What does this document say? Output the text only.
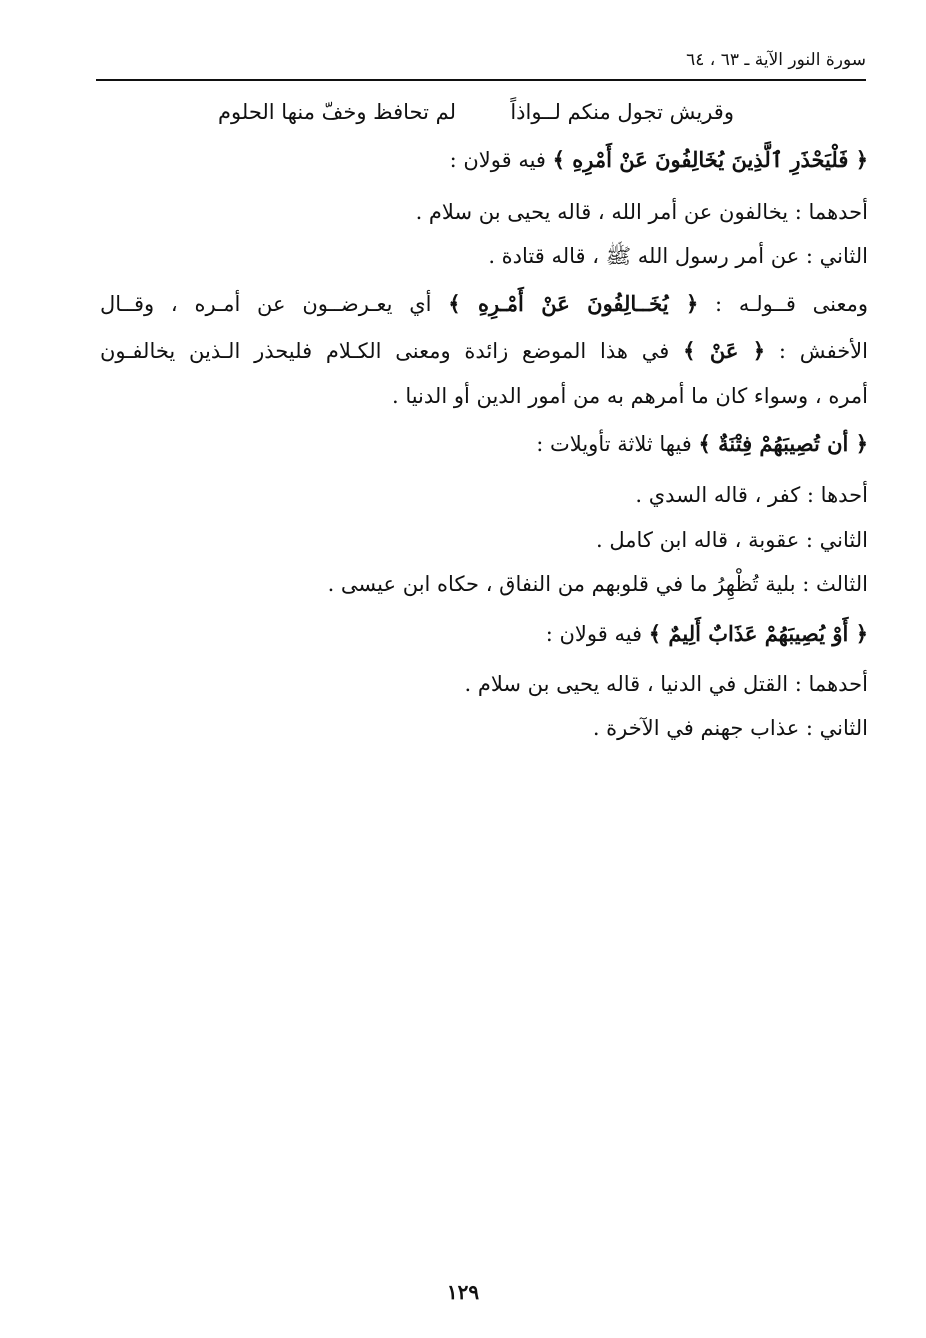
سورة النور الآية ـ ٦٣ ، ٦٤
وقريش تجول منكم لــواذاً
لم تحافظ وخفّ منها الحلوم
﴿ فَلْيَحْذَرِ ٱلَّذِينَ يُخَالِفُونَ عَنْ أَمْرِهِ ﴾ فيه قولان :
أحدهما : يخالفون عن أمر الله ، قاله يحيى بن سلام .
الثاني : عن أمر رسول الله ﷺ ، قاله قتادة .
ومعنى قــولـه : ﴿ يُخَــالِفُونَ عَنْ أَمْـرِهِ ﴾ أي يعـرضــون عن أمـره ، وقــال
الأخفش : ﴿ عَنْ ﴾ في هذا الموضع زائدة ومعنى الكـلام فليحذر الـذين يخالفـون
أمره ، وسواء كان ما أمرهم به من أمور الدين أو الدنيا .
﴿ أن تُصِيبَهُمْ فِتْنَةٌ ﴾ فيها ثلاثة تأويلات :
أحدها : كفر ، قاله السدي .
الثاني : عقوبة ، قاله ابن كامل .
الثالث : بلية تُظْهِرُ ما في قلوبهم من النفاق ، حكاه ابن عيسى .
﴿ أَوْ يُصِيبَهُمْ عَذَابٌ أَلِيمٌ ﴾ فيه قولان :
أحدهما : القتل في الدنيا ، قاله يحيى بن سلام .
الثاني : عذاب جهنم في الآخرة .
١٢٩
